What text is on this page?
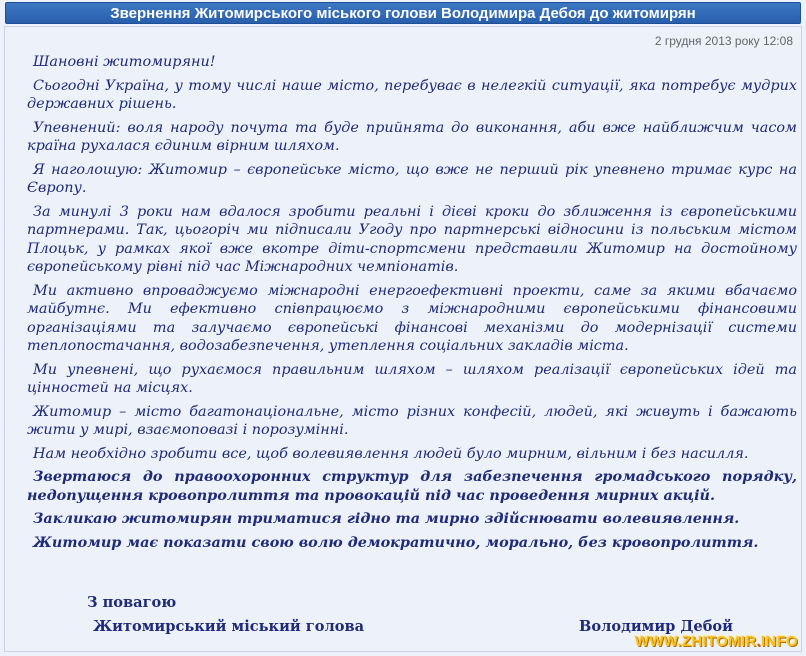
Звернення Житомирського міського голови Володимира Дебоя до житомирян
2 грудня 2013 року 12:08

Шановні житомиряни!

Сьогодні Україна, у тому числі наше місто, перебуває в нелегкій ситуації, яка потребує мудрих державних рішень.

Упевнений: воля народу почута та буде прийнята до виконання, аби вже найближчим часом країна рухалася єдиним вірним шляхом.

Я наголошую: Житомир – європейське місто, що вже не перший рік упевнено тримає курс на Європу.

За минулі 3 роки нам вдалося зробити реальні і дієві кроки до зближення із європейськими партнерами. Так, цьогоріч ми підписали Угоду про партнерські відносини із польським містом Плоцьк, у рамках якої вже вкотре діти-спортсмени представили Житомир на достойному європейському рівні під час Міжнародних чемпіонатів.

Ми активно впроваджуємо міжнародні енергоефективні проекти, саме за якими вбачаємо майбутнє. Ми ефективно співпрацюємо з міжнародними європейськими фінансовими організаціями та залучаємо європейські фінансові механізми до модернізації системи теплопостачання, водозабезпечення, утеплення соціальних закладів міста.

Ми упевнені, що рухаємося правильним шляхом – шляхом реалізації європейських ідей та цінностей на місцях.

Житомир – місто багатонаціональне, місто різних конфесій, людей, які живуть і бажають жити у мирі, взаємоповазі і порозумінні.

Нам необхідно зробити все, щоб волевиявлення людей було мирним, вільним і без насилля.

Звертаюся до правоохоронних структур для забезпечення громадського порядку, недопущення кровопролиття та провокацій під час проведення мирних акцій.

Закликаю житомирян триматися гідно та мирно здійснювати волевиявлення.

Житомир має показати свою волю демократично, морально, без кровопролиття.

З повагою
Житомирський міський голова	Володимир Дебой
WWW.ZHITOMIR.INFO
